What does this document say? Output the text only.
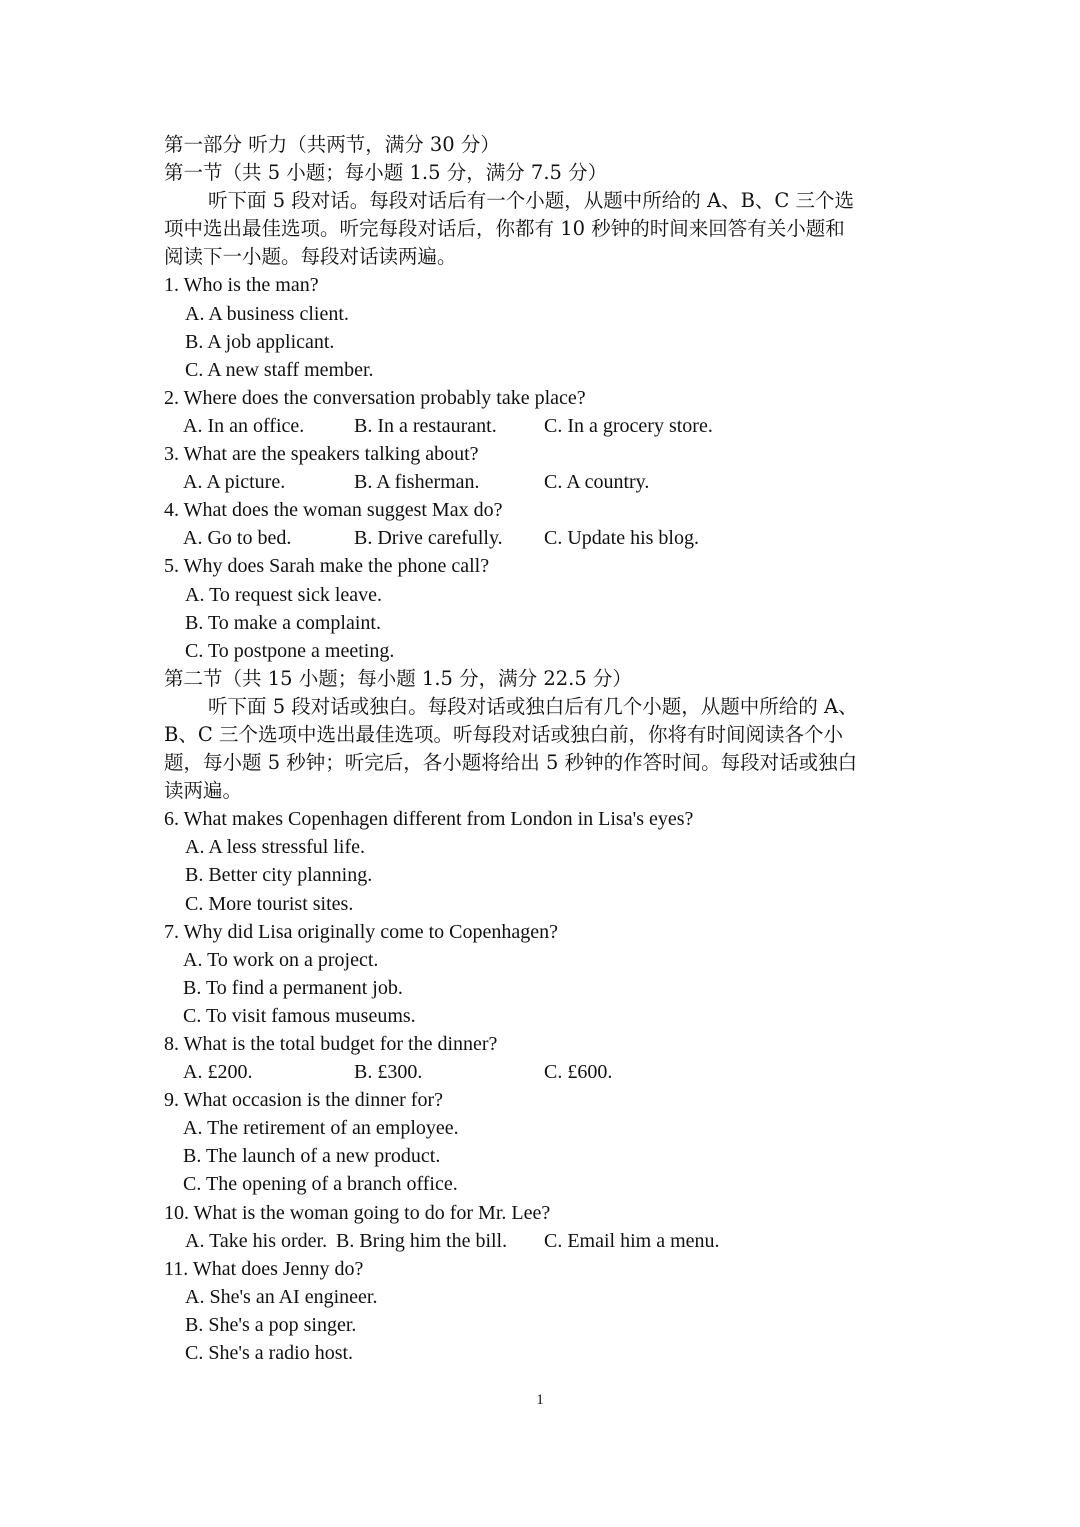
第一部分 听力（共两节，满分 30 分）
第一节（共 5 小题；每小题 1.5 分，满分 7.5 分）
听下面 5 段对话。每段对话后有一个小题，从题中所给的 A、B、C 三个选
项中选出最佳选项。听完每段对话后，你都有 10 秒钟的时间来回答有关小题和
阅读下一小题。每段对话读两遍。
1. Who is the man?
A. A business client.
B. A job applicant.
C. A new staff member.
2. Where does the conversation probably take place?
A. In an office. B. In a restaurant. C. In a grocery store.
3. What are the speakers talking about?
A. A picture.	B. A fisherman.	C. A country.
4. What does the woman suggest Max do?
A. Go to bed.	B. Drive carefully. C. Update his blog.
5. Why does Sarah make the phone call?
A. To request sick leave.
B. To make a complaint.
C. To postpone a meeting.
第二节（共 15 小题；每小题 1.5 分，满分 22.5 分）
听下面 5 段对话或独白。每段对话或独白后有几个小题，从题中所给的 A、
B、C 三个选项中选出最佳选项。听每段对话或独白前，你将有时间阅读各个小
题，每小题 5 秒钟；听完后，各小题将给出 5 秒钟的作答时间。每段对话或独白
读两遍。
6. What makes Copenhagen different from London in Lisa's eyes?
A. A less stressful life.
B. Better city planning.
C. More tourist sites.
7. Why did Lisa originally come to Copenhagen?
A. To work on a project.
B. To find a permanent job.
C. To visit famous museums.
8. What is the total budget for the dinner?
A. £200.	B. £300.	C. £600.
9. What occasion is the dinner for?
A. The retirement of an employee.
B. The launch of a new product.
C. The opening of a branch office.
10. What is the woman going to do for Mr. Lee?
A. Take his order. B. Bring him the bill. C. Email him a menu.
11. What does Jenny do?
A. She's an AI engineer.
B. She's a pop singer.
C. She's a radio host.
1
